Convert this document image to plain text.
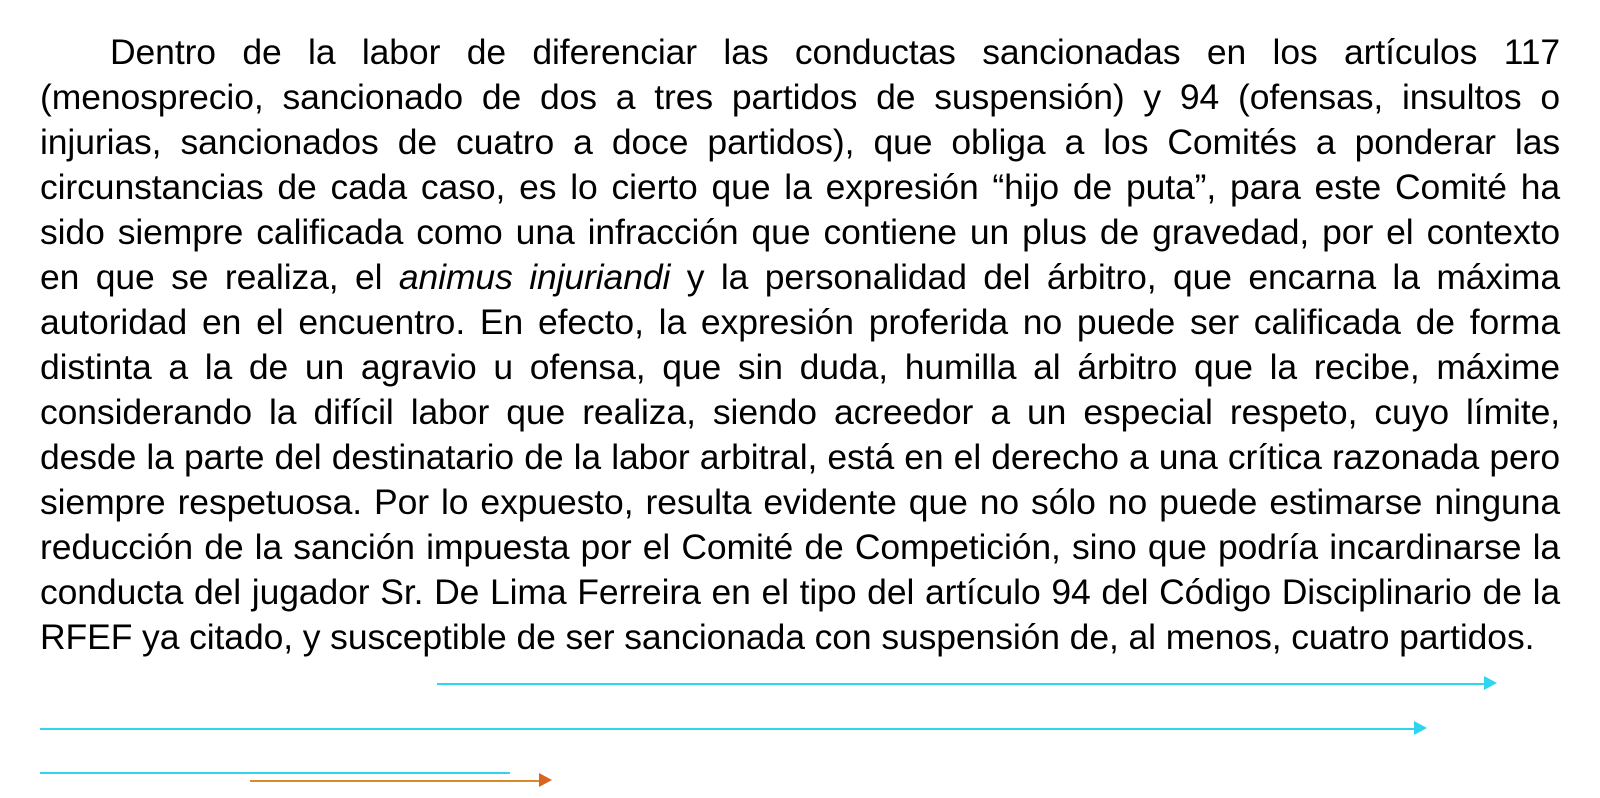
Dentro de la labor de diferenciar las conductas sancionadas en los artículos 117 (menosprecio, sancionado de dos a tres partidos de suspensión) y 94 (ofensas, insultos o injurias, sancionados de cuatro a doce partidos), que obliga a los Comités a ponderar las circunstancias de cada caso, es lo cierto que la expresión “hijo de puta”, para este Comité ha sido siempre calificada como una infracción que contiene un plus de gravedad, por el contexto en que se realiza, el animus injuriandi y la personalidad del árbitro, que encarna la máxima autoridad en el encuentro. En efecto, la expresión proferida no puede ser calificada de forma distinta a la de un agravio u ofensa, que sin duda, humilla al árbitro que la recibe, máxime considerando la difícil labor que realiza, siendo acreedor a un especial respeto, cuyo límite, desde la parte del destinatario de la labor arbitral, está en el derecho a una crítica razonada pero siempre respetuosa. Por lo expuesto, resulta evidente que no sólo no puede estimarse ninguna reducción de la sanción impuesta por el Comité de Competición, sino que podría incardinarse la conducta del jugador Sr. De Lima Ferreira en el tipo del artículo 94 del Código Disciplinario de la RFEF ya citado, y susceptible de ser sancionada con suspensión de, al menos, cuatro partidos.
